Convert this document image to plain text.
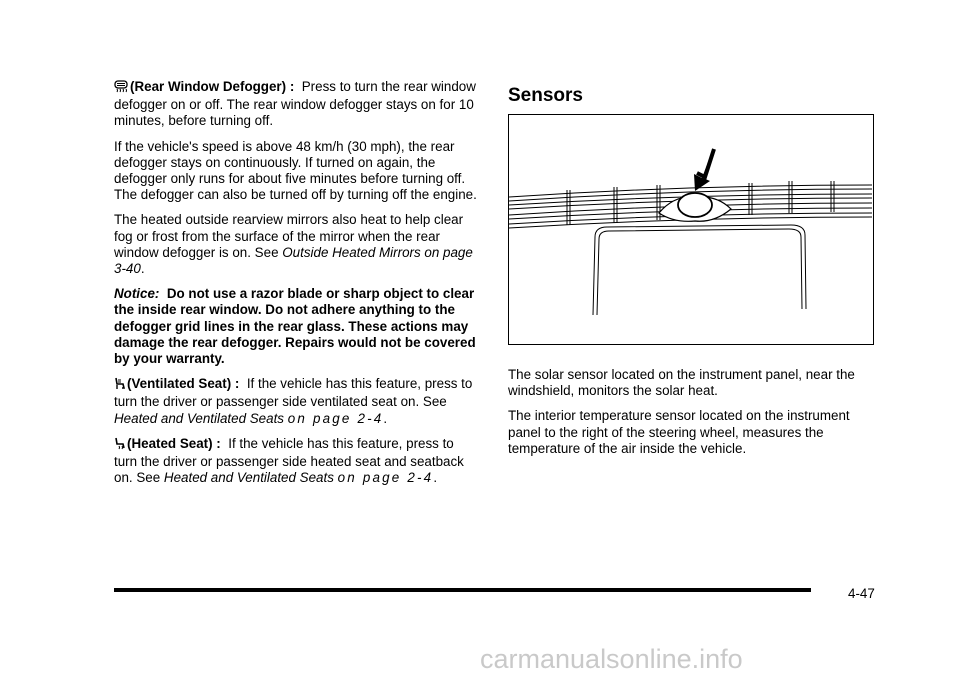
(Rear Window Defogger) : Press to turn the rear window defogger on or off. The rear window defogger stays on for 10 minutes, before turning off.

If the vehicle's speed is above 48 km/h (30 mph), the rear defogger stays on continuously. If turned on again, the defogger only runs for about five minutes before turning off. The defogger can also be turned off by turning off the engine.

The heated outside rearview mirrors also heat to help clear fog or frost from the surface of the mirror when the rear window defogger is on. See Outside Heated Mirrors on page 3-40.

Notice: Do not use a razor blade or sharp object to clear the inside rear window. Do not adhere anything to the defogger grid lines in the rear glass. These actions may damage the rear defogger. Repairs would not be covered by your warranty.

(Ventilated Seat) : If the vehicle has this feature, press to turn the driver or passenger side ventilated seat on. See Heated and Ventilated Seats on page 2-4.

(Heated Seat) : If the vehicle has this feature, press to turn the driver or passenger side heated seat and seatback on. See Heated and Ventilated Seats on page 2-4.

Sensors

The solar sensor located on the instrument panel, near the windshield, monitors the solar heat.

The interior temperature sensor located on the instrument panel to the right of the steering wheel, measures the temperature of the air inside the vehicle.

4-47
carmanualsonline.info
